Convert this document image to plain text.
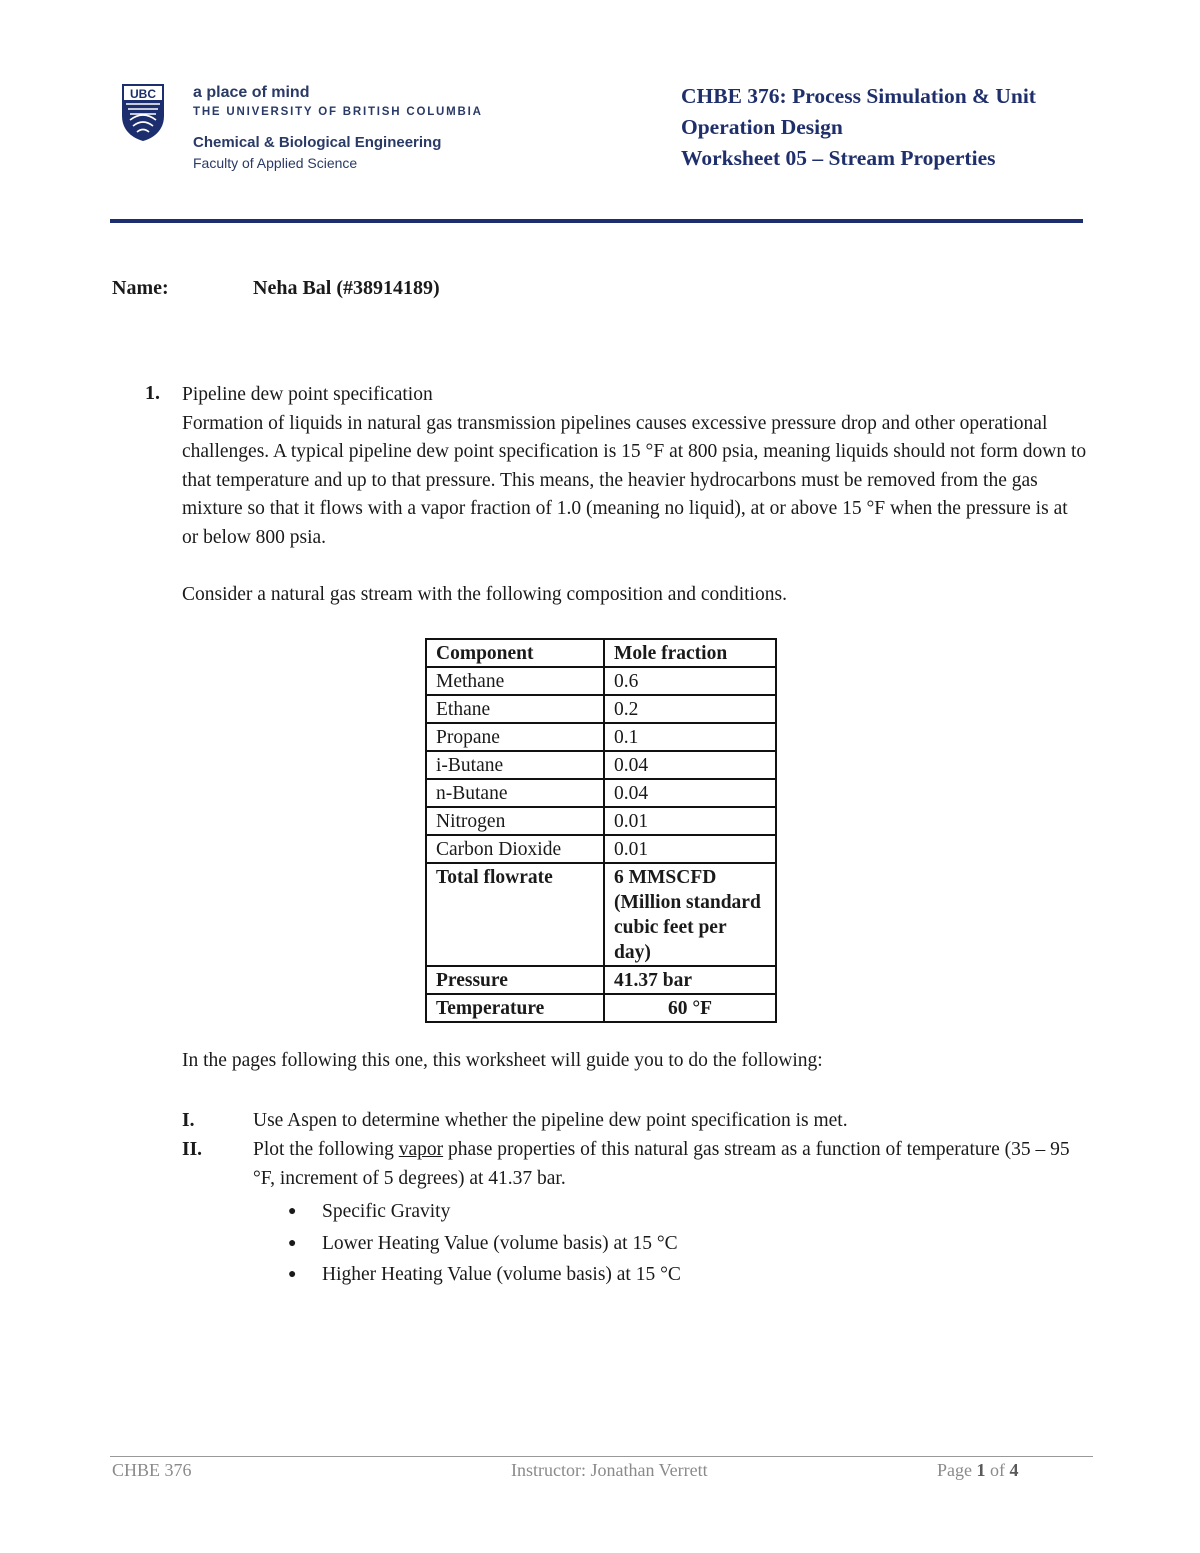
UBC a place of mind

THE UNIVERSITY OF BRITISH COLUMBIA

Chemical & Biological Engineering

Faculty of Applied Science

CHBE 376: Process Simulation & Unit
Operation Design
Worksheet 05 – Stream Properties
Name:	Neha Bal (#38914189)
1. Pipeline dew point specification

Formation of liquids in natural gas transmission pipelines causes excessive pressure drop and other operational challenges. A typical pipeline dew point specification is 15 °F at 800 psia, meaning liquids should not form down to that temperature and up to that pressure. This means, the heavier hydrocarbons must be removed from the gas mixture so that it flows with a vapor fraction of 1.0 (meaning no liquid), at or above 15 °F when the pressure is at or below 800 psia.

Consider a natural gas stream with the following composition and conditions.

Component	Mole fraction
Methane	0.6
Ethane	0.2
Propane	0.1
i-Butane	0.04
n-Butane	0.04
Nitrogen	0.01
Carbon Dioxide	0.01
Total flowrate	6 MMSCFD (Million standard cubic feet per day)
Pressure	41.37 bar
Temperature	60 °F
In the pages following this one, this worksheet will guide you to do the following:
I.	Use Aspen to determine whether the pipeline dew point specification is met.
II.	Plot the following vapor phase properties of this natural gas stream as a function of temperature (35 – 95 °F, increment of 5 degrees) at 41.37 bar.
●	Specific Gravity
●	Lower Heating Value (volume basis) at 15 °C
●	Higher Heating Value (volume basis) at 15 °C
CHBE 376	Instructor: Jonathan Verrett	Page 1 of 4
